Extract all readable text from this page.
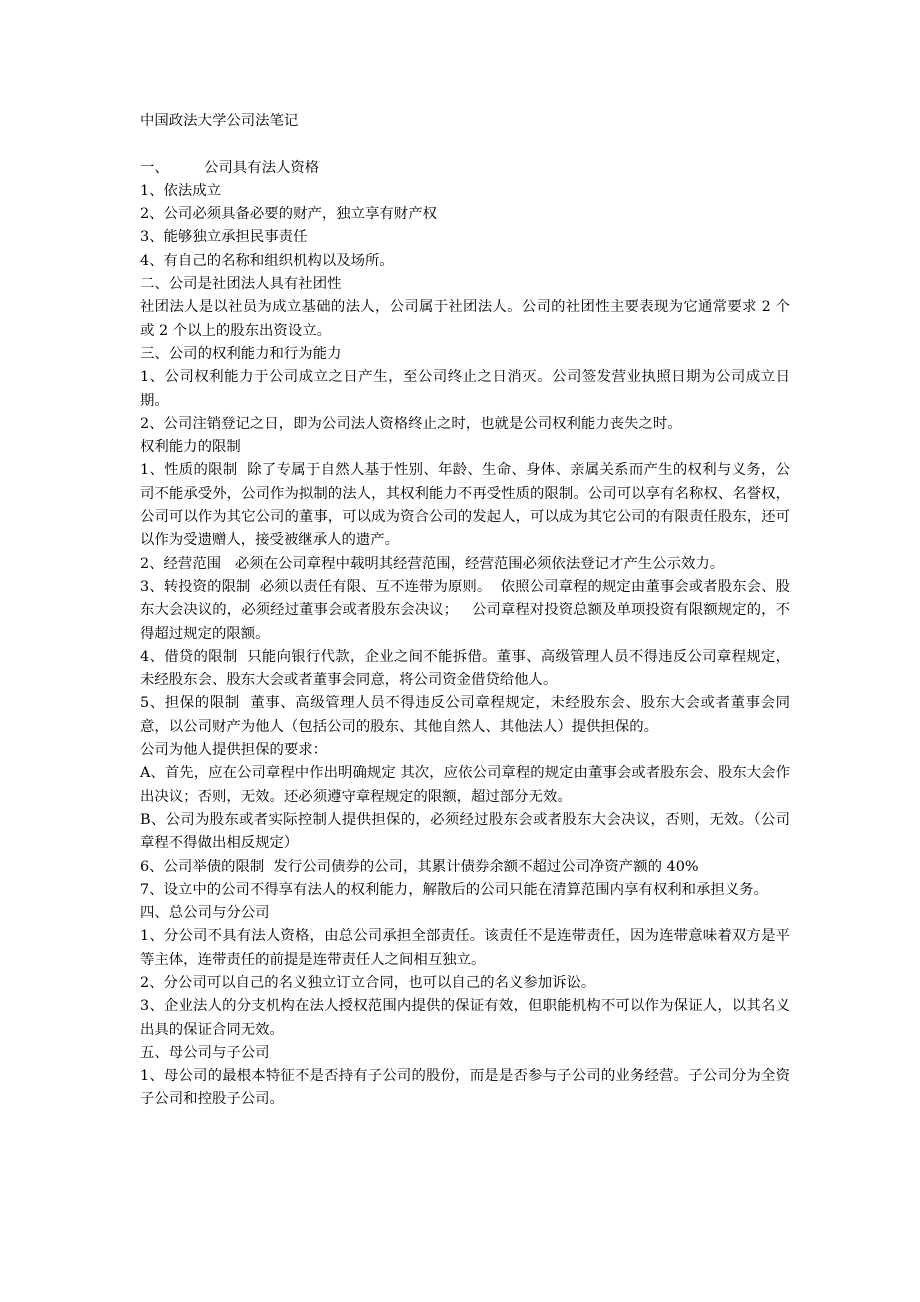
中国政法大学公司法笔记

一、 公司具有法人资格

1、依法成立

2、公司必须具备必要的财产，独立享有财产权

3、能够独立承担民事责任

4、有自己的名称和组织机构以及场所。

二、公司是社团法人具有社团性

社团法人是以社员为成立基础的法人，公司属于社团法人。公司的社团性主要表现为它通常要求 2 个或 2 个以上的股东出资设立。

三、公司的权利能力和行为能力

1、公司权利能力于公司成立之日产生，至公司终止之日消灭。公司签发营业执照日期为公司成立日期。

2、公司注销登记之日，即为公司法人资格终止之时，也就是公司权利能力丧失之时。

权利能力的限制

1、性质的限制  除了专属于自然人基于性别、年龄、生命、身体、亲属关系而产生的权利与义务，公司不能承受外，公司作为拟制的法人，其权利能力不再受性质的限制。公司可以享有名称权、名誉权，公司可以作为其它公司的董事，可以成为资合公司的发起人，可以成为其它公司的有限责任股东，还可以作为受遗赠人，接受被继承人的遗产。

2、经营范围   必须在公司章程中载明其经营范围，经营范围必须依法登记才产生公示效力。

3、转投资的限制  必须以责任有限、互不连带为原则。  依照公司章程的规定由董事会或者股东会、股东大会决议的，必须经过董事会或者股东会决议；   公司章程对投资总额及单项投资有限额规定的，不得超过规定的限额。

4、借贷的限制  只能向银行代款，企业之间不能拆借。董事、高级管理人员不得违反公司章程规定，未经股东会、股东大会或者董事会同意，将公司资金借贷给他人。

5、担保的限制  董事、高级管理人员不得违反公司章程规定，未经股东会、股东大会或者董事会同意，以公司财产为他人（包括公司的股东、其他自然人、其他法人）提供担保的。

公司为他人提供担保的要求：

A、首先，应在公司章程中作出明确规定 其次，应依公司章程的规定由董事会或者股东会、股东大会作出决议；否则，无效。还必须遵守章程规定的限额，超过部分无效。

B、公司为股东或者实际控制人提供担保的，必须经过股东会或者股东大会决议，否则，无效。（公司章程不得做出相反规定）

6、公司举债的限制  发行公司债券的公司，其累计债券余额不超过公司净资产额的 40%

7、设立中的公司不得享有法人的权利能力，解散后的公司只能在清算范围内享有权利和承担义务。

四、总公司与分公司

1、分公司不具有法人资格，由总公司承担全部责任。该责任不是连带责任，因为连带意味着双方是平等主体，连带责任的前提是连带责任人之间相互独立。

2、分公司可以自己的名义独立订立合同，也可以自己的名义参加诉讼。

3、企业法人的分支机构在法人授权范围内提供的保证有效，但职能机构不可以作为保证人，以其名义出具的保证合同无效。

五、母公司与子公司

1、母公司的最根本特征不是否持有子公司的股份，而是是否参与子公司的业务经营。子公司分为全资子公司和控股子公司。
